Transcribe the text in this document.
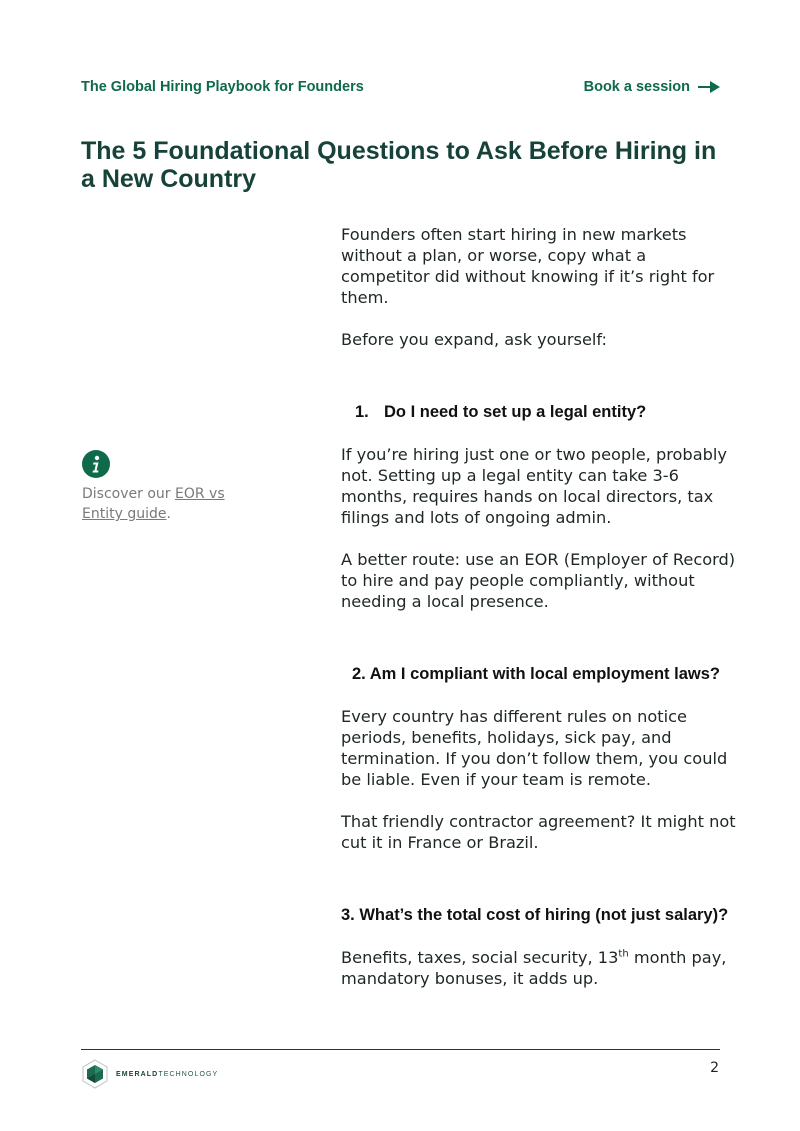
The Global Hiring Playbook for Founders	Book a session
The 5 Foundational Questions to Ask Before Hiring in a New Country

Founders often start hiring in new markets without a plan, or worse, copy what a competitor did without knowing if it’s right for them.

Before you expand, ask yourself:

1. Do I need to set up a legal entity?

If you’re hiring just one or two people, probably not. Setting up a legal entity can take 3-6 months, requires hands on local directors, tax filings and lots of ongoing admin.

A better route: use an EOR (Employer of Record) to hire and pay people compliantly, without needing a local presence.

2. Am I compliant with local employment laws?

Every country has different rules on notice periods, benefits, holidays, sick pay, and termination. If you don’t follow them, you could be liable. Even if your team is remote.

That friendly contractor agreement? It might not cut it in France or Brazil.

3. What’s the total cost of hiring (not just salary)?

Benefits, taxes, social security, 13th month pay, mandatory bonuses, it adds up.

Discover our EOR vs Entity guide.
EMERALDTECHNOLOGY	2
